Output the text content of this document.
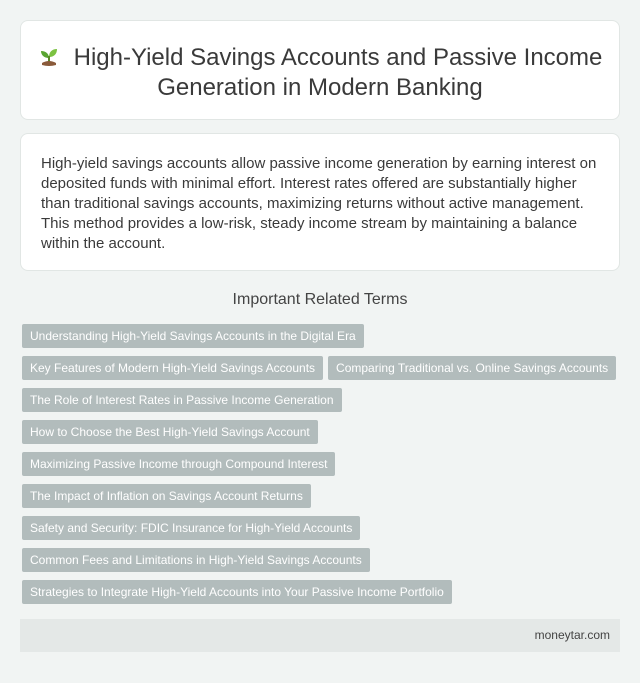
High-Yield Savings Accounts and Passive Income Generation in Modern Banking

High-yield savings accounts allow passive income generation by earning interest on deposited funds with minimal effort. Interest rates offered are substantially higher than traditional savings accounts, maximizing returns without active management. This method provides a low-risk, steady income stream by maintaining a balance within the account.

Important Related Terms
Understanding High-Yield Savings Accounts in the Digital Era
Key Features of Modern High-Yield Savings Accounts Comparing Traditional vs. Online Savings Accounts
The Role of Interest Rates in Passive Income Generation
How to Choose the Best High-Yield Savings Account
Maximizing Passive Income through Compound Interest
The Impact of Inflation on Savings Account Returns
Safety and Security: FDIC Insurance for High-Yield Accounts
Common Fees and Limitations in High-Yield Savings Accounts
Strategies to Integrate High-Yield Accounts into Your Passive Income Portfolio
moneytar.com
